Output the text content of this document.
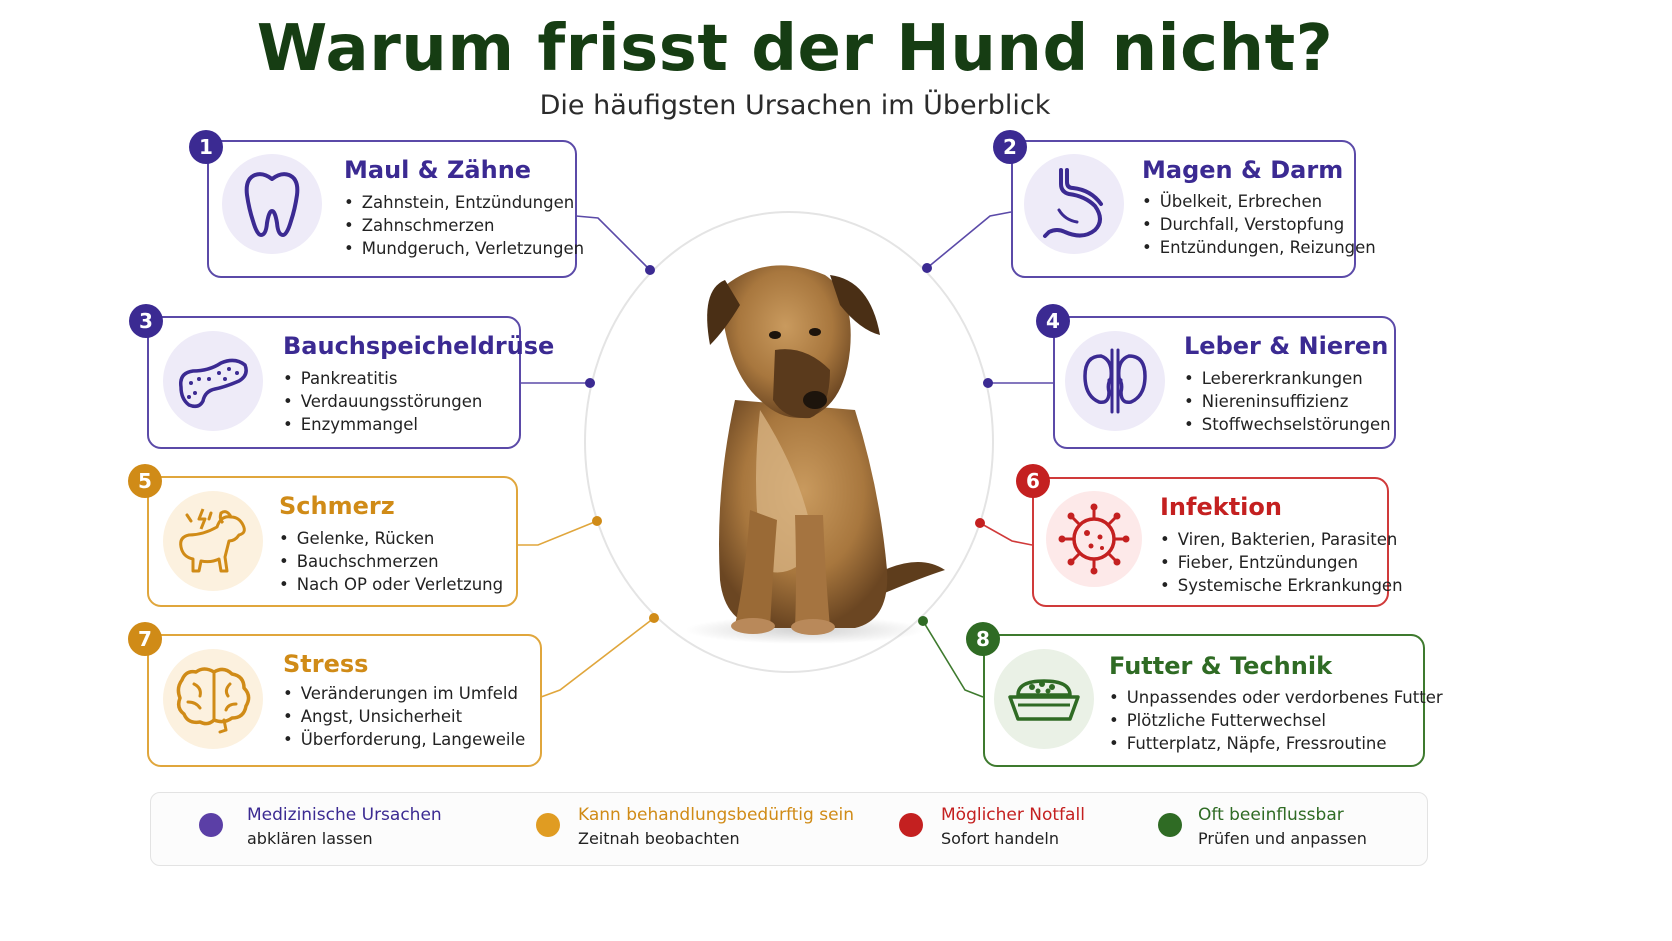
Warum frisst der Hund nicht?
Die häufigsten Ursachen im Überblick
Maul & Zähne
• Zahnstein, Entzündungen
• Zahnschmerzen
• Mundgeruch, Verletzungen
1
Magen & Darm
• Übelkeit, Erbrechen
• Durchfall, Verstopfung
• Entzündungen, Reizungen
2
Bauchspeicheldrüse
• Pankreatitis
• Verdauungsstörungen
• Enzymmangel
3
Leber & Nieren
• Lebererkrankungen
• Niereninsuffizienz
• Stoffwechselstörungen
4
Schmerz
• Gelenke, Rücken
• Bauchschmerzen
• Nach OP oder Verletzung
5
Infektion
• Viren, Bakterien, Parasiten
• Fieber, Entzündungen
• Systemische Erkrankungen
6
Stress
• Veränderungen im Umfeld
• Angst, Unsicherheit
• Überforderung, Langeweile
7
Futter & Technik
• Unpassendes oder verdorbenes Futter
• Plötzliche Futterwechsel
• Futterplatz, Näpfe, Fressroutine
8
Medizinische Ursachen
abklären lassen
Kann behandlungsbedürftig sein
Zeitnah beobachten
Möglicher Notfall
Sofort handeln
Oft beeinflussbar
Prüfen und anpassen
